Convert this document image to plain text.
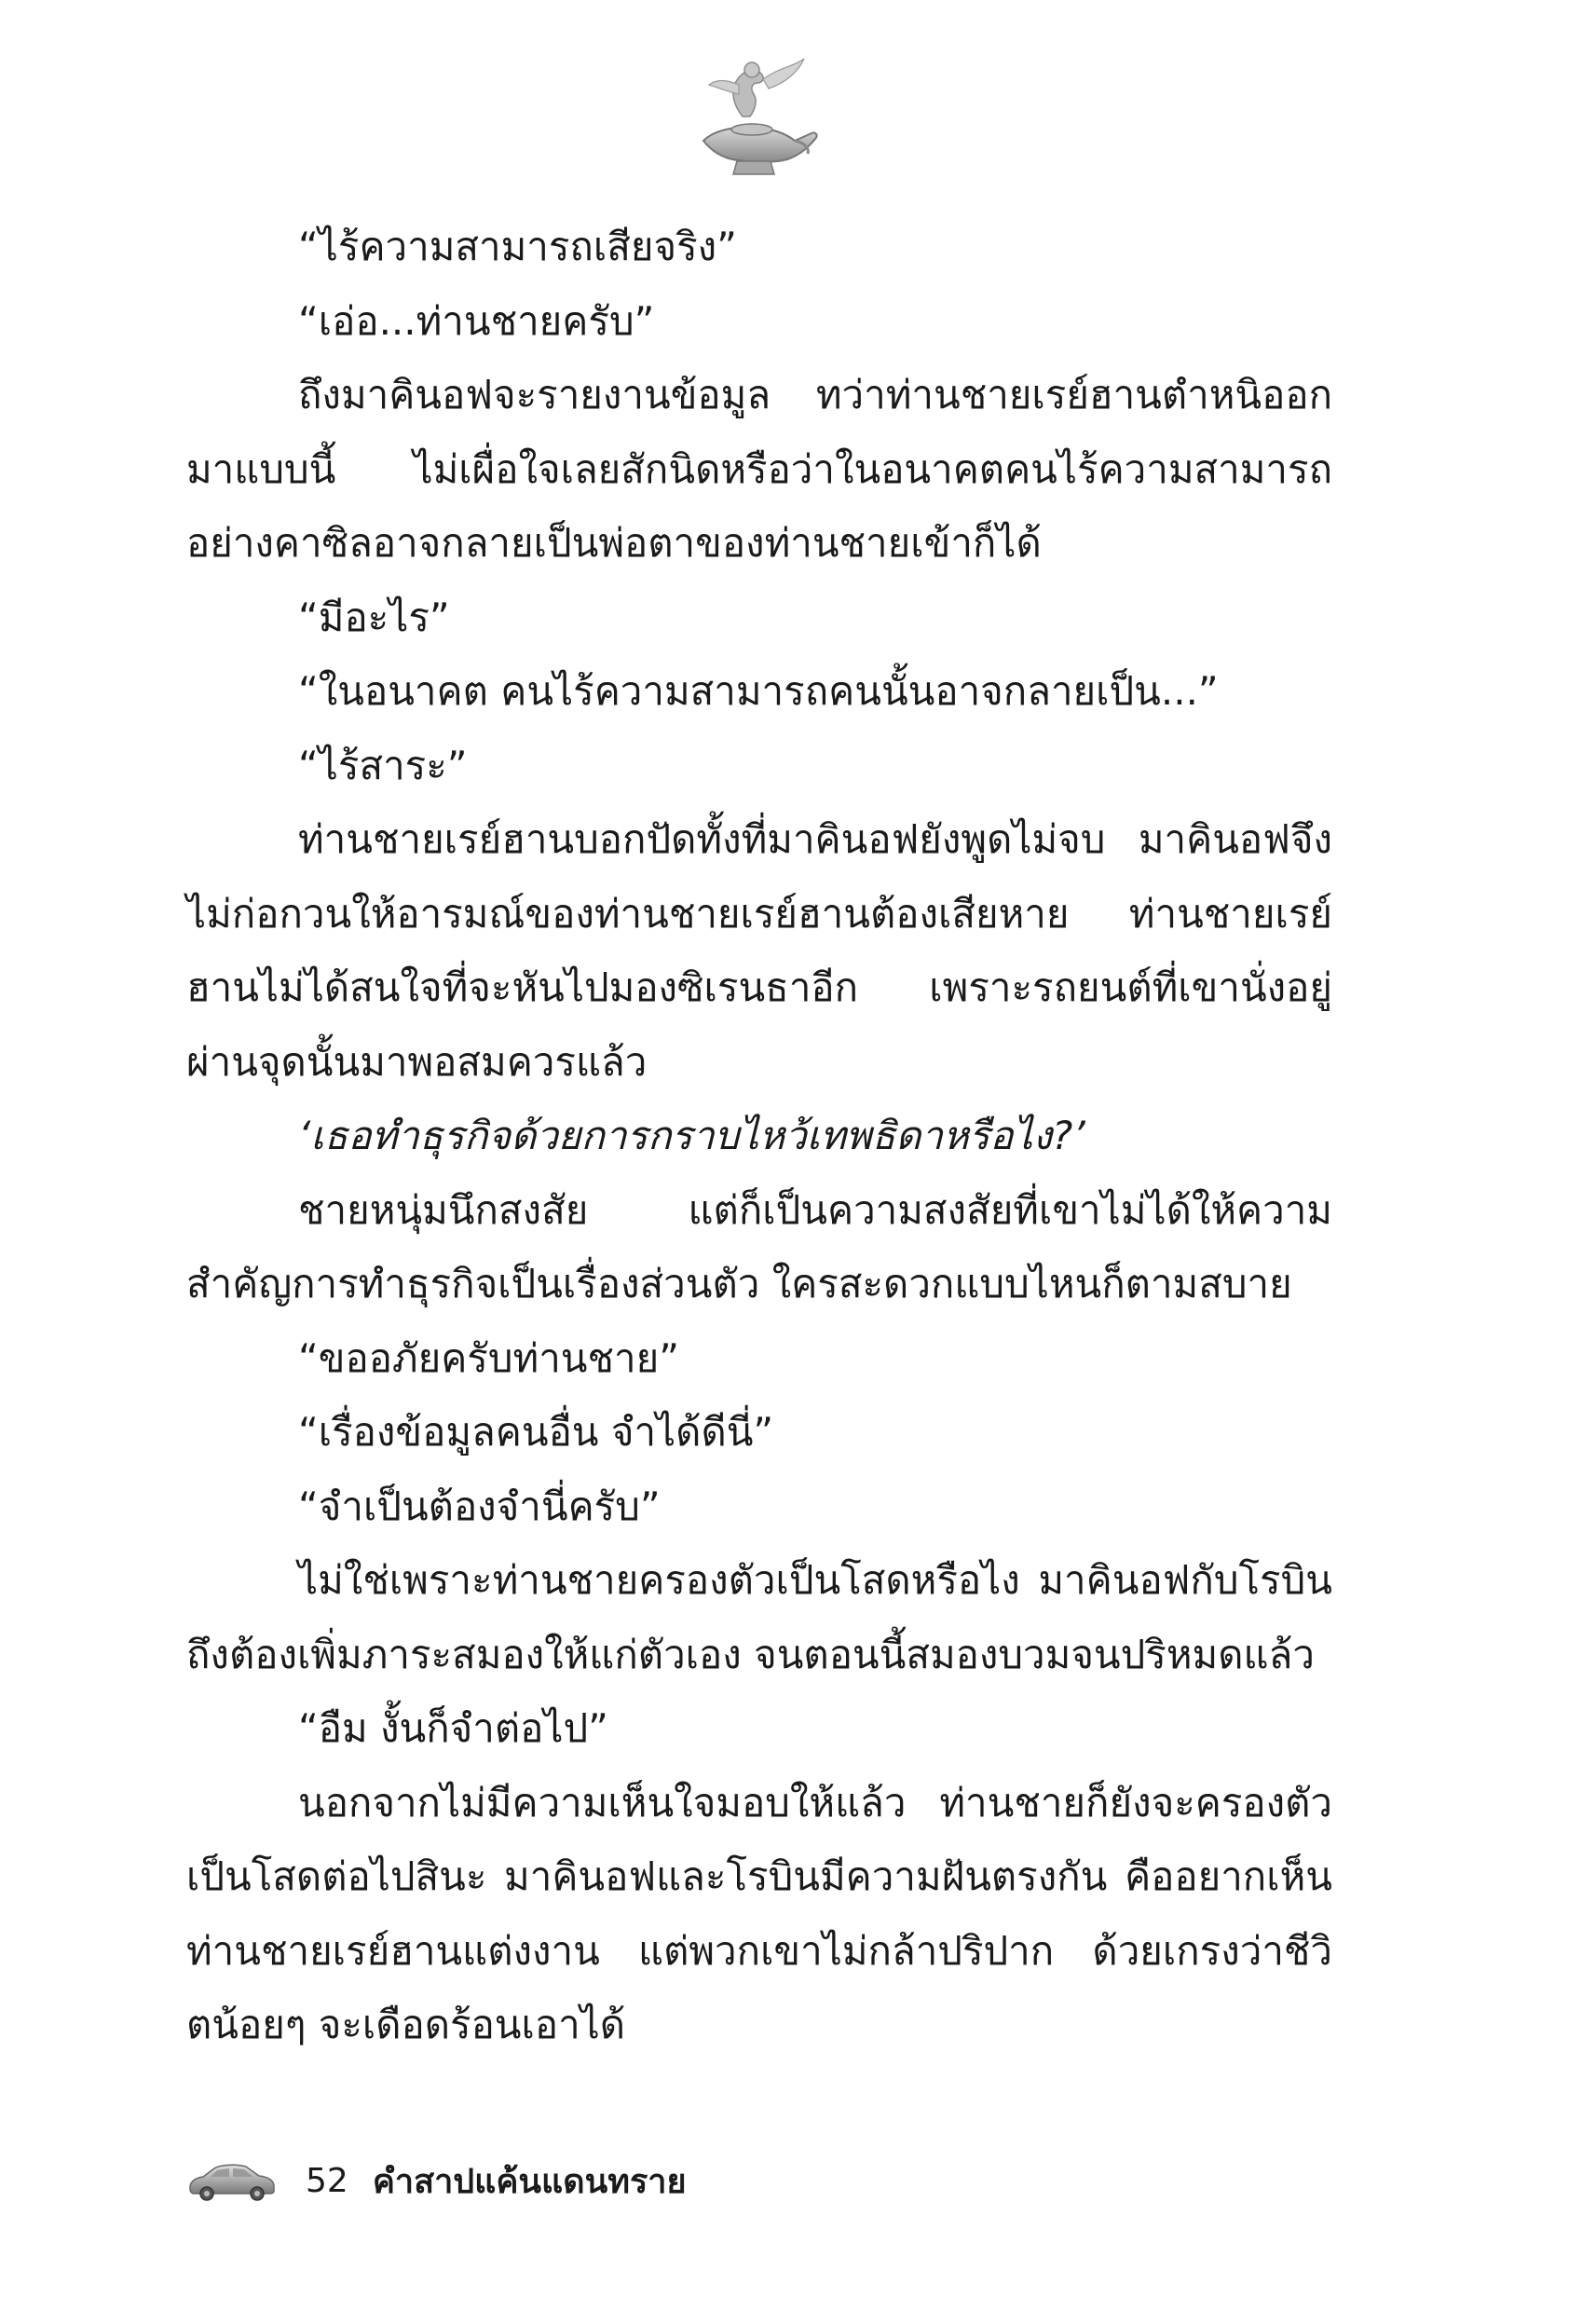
“ไร้ความสามารถเสียจริง”

“เอ่อ...ท่านชายครับ”

ถึงมาคินอฟจะรายงานข้อมูล ทว่าท่านชายเรย์ฮานตำหนิออกมาแบบนี้ ไม่เผื่อใจเลยสักนิดหรือว่าในอนาคตคนไร้ความสามารถอย่างคาซิลอาจกลายเป็นพ่อตาของท่านชายเข้าก็ได้

“มีอะไร”

“ในอนาคต คนไร้ความสามารถคนนั้นอาจกลายเป็น...”

“ไร้สาระ”

ท่านชายเรย์ฮานบอกปัดทั้งที่มาคินอฟยังพูดไม่จบ มาคินอฟจึงไม่ก่อกวนให้อารมณ์ของท่านชายเรย์ฮานต้องเสียหาย ท่านชายเรย์ฮานไม่ได้สนใจที่จะหันไปมองซิเรนธาอีก เพราะรถยนต์ที่เขานั่งอยู่ผ่านจุดนั้นมาพอสมควรแล้ว

‘เธอทำธุรกิจด้วยการกราบไหว้เทพธิดาหรือไง?’

ชายหนุ่มนึกสงสัย แต่ก็เป็นความสงสัยที่เขาไม่ได้ให้ความสำคัญการทำธุรกิจเป็นเรื่องส่วนตัว ใครสะดวกแบบไหนก็ตามสบาย

“ขออภัยครับท่านชาย”

“เรื่องข้อมูลคนอื่น จำได้ดีนี่”

“จำเป็นต้องจำนี่ครับ”

ไม่ใช่เพราะท่านชายครองตัวเป็นโสดหรือไง มาคินอฟกับโรบินถึงต้องเพิ่มภาระสมองให้แก่ตัวเอง จนตอนนี้สมองบวมจนปริหมดแล้ว

“อืม งั้นก็จำต่อไป”

นอกจากไม่มีความเห็นใจมอบให้แล้ว ท่านชายก็ยังจะครองตัวเป็นโสดต่อไปสินะ มาคินอฟและโรบินมีความฝันตรงกัน คืออยากเห็นท่านชายเรย์ฮานแต่งงาน แต่พวกเขาไม่กล้าปริปาก ด้วยเกรงว่าชีวิตน้อยๆ จะเดือดร้อนเอาได้

52 คำสาปแค้นแดนทราย
